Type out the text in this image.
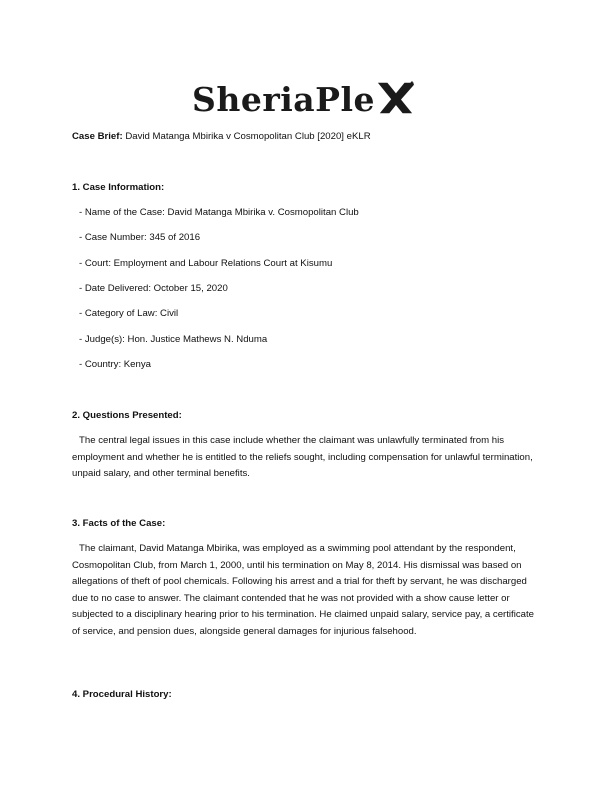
SheriaPle
Case Brief: David Matanga Mbirika v Cosmopolitan Club [2020] eKLR
1. Case Information:
- Name of the Case: David Matanga Mbirika v. Cosmopolitan Club
- Case Number: 345 of 2016
- Court: Employment and Labour Relations Court at Kisumu
- Date Delivered: October 15, 2020
- Category of Law: Civil
- Judge(s): Hon. Justice Mathews N. Nduma
- Country: Kenya
2. Questions Presented:
The central legal issues in this case include whether the claimant was unlawfully terminated from his employment and whether he is entitled to the reliefs sought, including compensation for unlawful termination, unpaid salary, and other terminal benefits.
3. Facts of the Case:
The claimant, David Matanga Mbirika, was employed as a swimming pool attendant by the respondent, Cosmopolitan Club, from March 1, 2000, until his termination on May 8, 2014. His dismissal was based on allegations of theft of pool chemicals. Following his arrest and a trial for theft by servant, he was discharged due to no case to answer. The claimant contended that he was not provided with a show cause letter or subjected to a disciplinary hearing prior to his termination. He claimed unpaid salary, service pay, a certificate of service, and pension dues, alongside general damages for injurious falsehood.
4. Procedural History:
